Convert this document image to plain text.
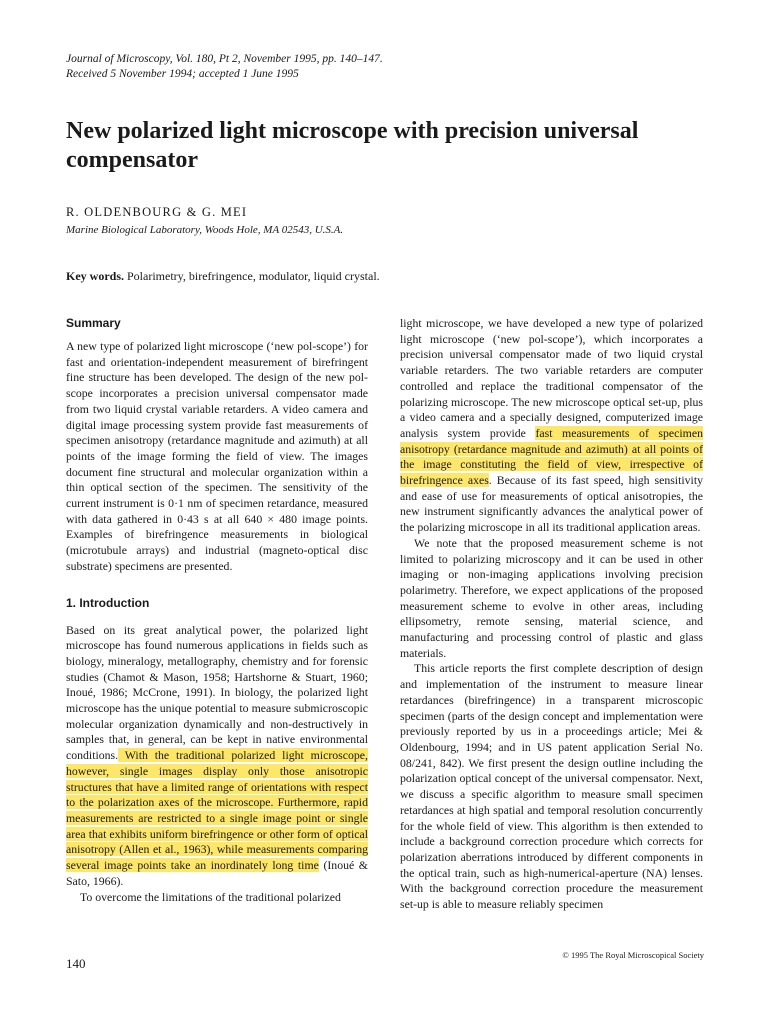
Journal of Microscopy, Vol. 180, Pt 2, November 1995, pp. 140–147.
Received 5 November 1994; accepted 1 June 1995
New polarized light microscope with precision universal compensator
R. OLDENBOURG & G. MEI
Marine Biological Laboratory, Woods Hole, MA 02543, U.S.A.
Key words. Polarimetry, birefringence, modulator, liquid crystal.
Summary

A new type of polarized light microscope (‘new pol-scope’) for fast and orientation-independent measurement of birefringent fine structure has been developed. The design of the new pol-scope incorporates a precision universal compensator made from two liquid crystal variable retarders. A video camera and digital image processing system provide fast measurements of specimen anisotropy (retardance magnitude and azimuth) at all points of the image forming the field of view. The images document fine structural and molecular organization within a thin optical section of the specimen. The sensitivity of the current instrument is 0·1 nm of specimen retardance, measured with data gathered in 0·43 s at all 640 × 480 image points. Examples of birefringence measurements in biological (microtubule arrays) and industrial (magneto-optical disc substrate) specimens are presented.

1. Introduction

Based on its great analytical power, the polarized light microscope has found numerous applications in fields such as biology, mineralogy, metallography, chemistry and for forensic studies (Chamot & Mason, 1958; Hartshorne & Stuart, 1960; Inoué, 1986; McCrone, 1991). In biology, the polarized light microscope has the unique potential to measure submicroscopic molecular organization dynamically and non-destructively in samples that, in general, can be kept in native environmental conditions. With the traditional polarized light microscope, however, single images display only those anisotropic structures that have a limited range of orientations with respect to the polarization axes of the microscope. Furthermore, rapid measurements are restricted to a single image point or single area that exhibits uniform birefringence or other form of optical anisotropy (Allen et al., 1963), while measurements comparing several image points take an inordinately long time (Inoué & Sato, 1966).

To overcome the limitations of the traditional polarized

light microscope, we have developed a new type of polarized light microscope (‘new pol-scope’), which incorporates a precision universal compensator made of two liquid crystal variable retarders. The two variable retarders are computer controlled and replace the traditional compensator of the polarizing microscope. The new microscope optical set-up, plus a video camera and a specially designed, computerized image analysis system provide fast measurements of specimen anisotropy (retardance magnitude and azimuth) at all points of the image constituting the field of view, irrespective of birefringence axes. Because of its fast speed, high sensitivity and ease of use for measurements of optical anisotropies, the new instrument significantly advances the analytical power of the polarizing microscope in all its traditional application areas.

We note that the proposed measurement scheme is not limited to polarizing microscopy and it can be used in other imaging or non-imaging applications involving precision polarimetry. Therefore, we expect applications of the proposed measurement scheme to evolve in other areas, including ellipsometry, remote sensing, material science, and manufacturing and processing control of plastic and glass materials.

This article reports the first complete description of design and implementation of the instrument to measure linear retardances (birefringence) in a transparent microscopic specimen (parts of the design concept and implementation were previously reported by us in a proceedings article; Mei & Oldenbourg, 1994; and in US patent application Serial No. 08/241, 842). We first present the design outline including the polarization optical concept of the universal compensator. Next, we discuss a specific algorithm to measure small specimen retardances at high spatial and temporal resolution concurrently for the whole field of view. This algorithm is then extended to include a background correction procedure which corrects for polarization aberrations introduced by different components in the optical train, such as high-numerical-aperture (NA) lenses. With the background correction procedure the measurement set-up is able to measure reliably specimen

140
© 1995 The Royal Microscopical Society
